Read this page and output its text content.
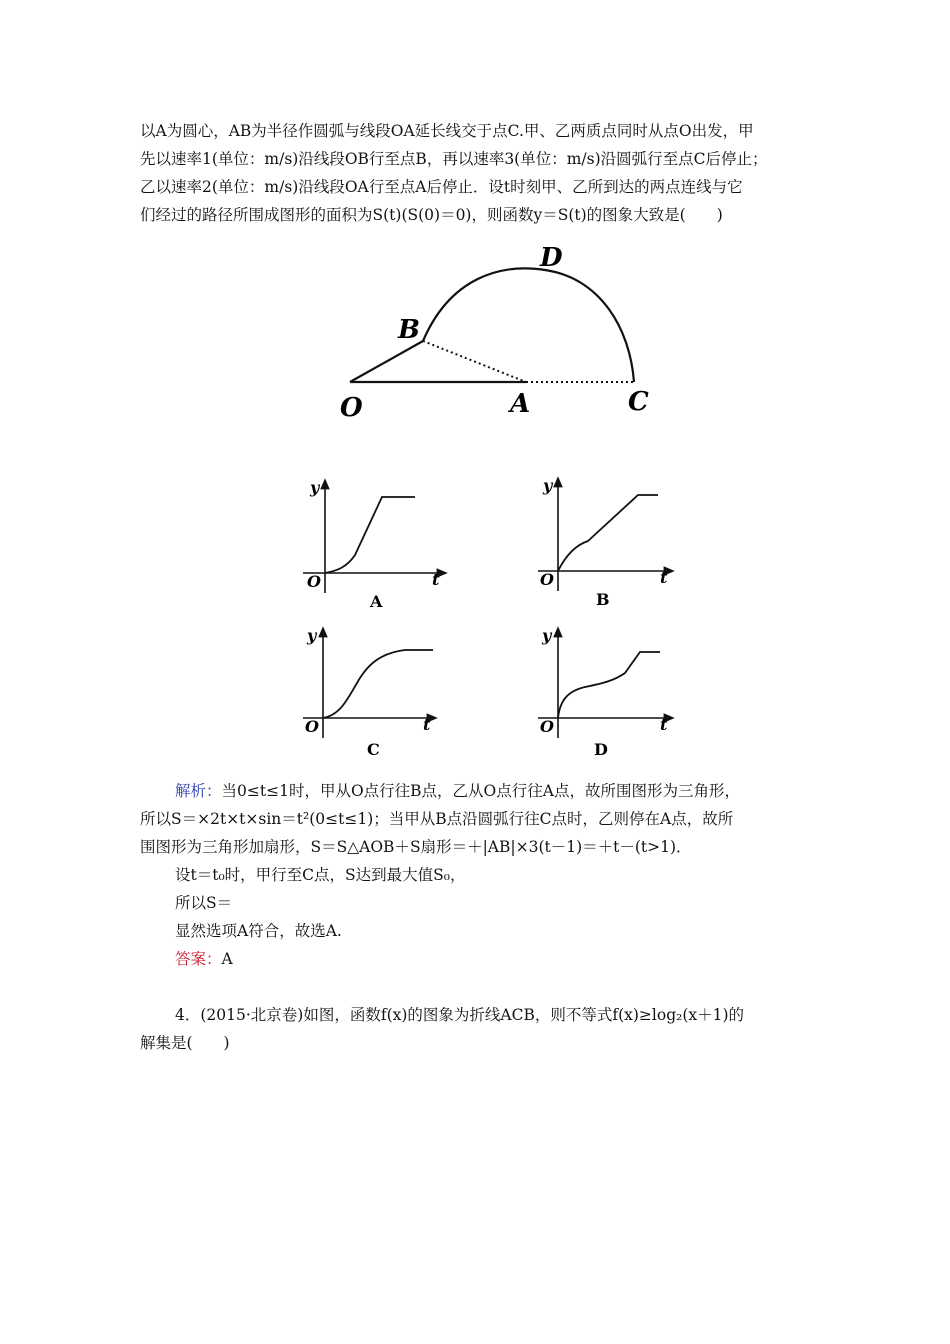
以A为圆心，AB为半径作圆弧与线段OA延长线交于点C.甲、乙两质点同时从点O出发，甲
先以速率1(单位：m/s)沿线段OB行至点B，再以速率3(单位：m/s)沿圆弧行至点C后停止；
乙以速率2(单位：m/s)沿线段OA行至点A后停止．设t时刻甲、乙所到达的两点连线与它
们经过的路径所围成图形的面积为S(t)(S(0)＝0)，则函数y＝S(t)的图象大致是(　　)
O	A	C
B
D
y
t
O
A
y
t
O
B
y
t
O
C
y
t
O
D
解析：当0≤t≤1时，甲从O点行往B点，乙从O点行往A点，故所围图形为三角形，
所以S＝×2t×t×sin＝t²(0≤t≤1)；当甲从B点沿圆弧行往C点时，乙则停在A点，故所
围图形为三角形加扇形，S＝S△AOB＋S扇形＝＋|AB|×3(t－1)＝＋t－(t>1)．
设t＝t₀时，甲行至C点，S达到最大值S₀，
所以S＝
显然选项A符合，故选A.
答案：A
4．(2015·北京卷)如图，函数f(x)的图象为折线ACB，则不等式f(x)≥log₂(x＋1)的
解集是(　　)
